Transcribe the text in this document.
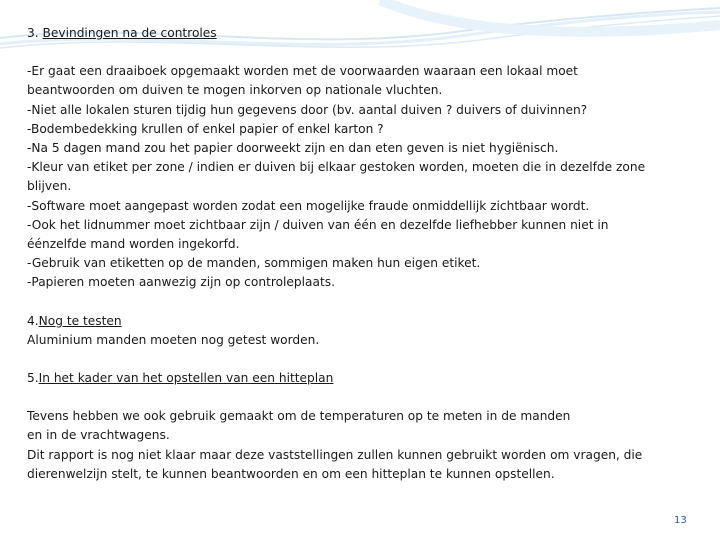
3. Bevindingen na de controles

-Er gaat een draaiboek opgemaakt worden met de voorwaarden waaraan een lokaal moet
beantwoorden om duiven te mogen inkorven op nationale vluchten.
-Niet alle lokalen sturen tijdig hun gegevens door (bv. aantal duiven ? duivers of duivinnen?
-Bodembedekking krullen of enkel papier of enkel karton ?
-Na 5 dagen mand zou het papier doorweekt zijn en dan eten geven is niet hygiënisch.
-Kleur van etiket per zone / indien er duiven bij elkaar gestoken worden, moeten die in dezelfde zone
blijven.
-Software moet aangepast worden zodat een mogelijke fraude onmiddellijk zichtbaar wordt.
-Ook het lidnummer moet zichtbaar zijn / duiven van één en dezelfde liefhebber kunnen niet in
éénzelfde mand worden ingekorfd.
-Gebruik van etiketten op de manden, sommigen maken hun eigen etiket.
-Papieren moeten aanwezig zijn op controleplaats.

4.Nog te testen

Aluminium manden moeten nog getest worden.

5.In het kader van het opstellen van een hitteplan

Tevens hebben we ook gebruik gemaakt om de temperaturen op te meten in de manden
en in de vrachtwagens.
Dit rapport is nog niet klaar maar deze vaststellingen zullen kunnen gebruikt worden om vragen, die
dierenwelzijn stelt, te kunnen beantwoorden en om een hitteplan te kunnen opstellen.
13
